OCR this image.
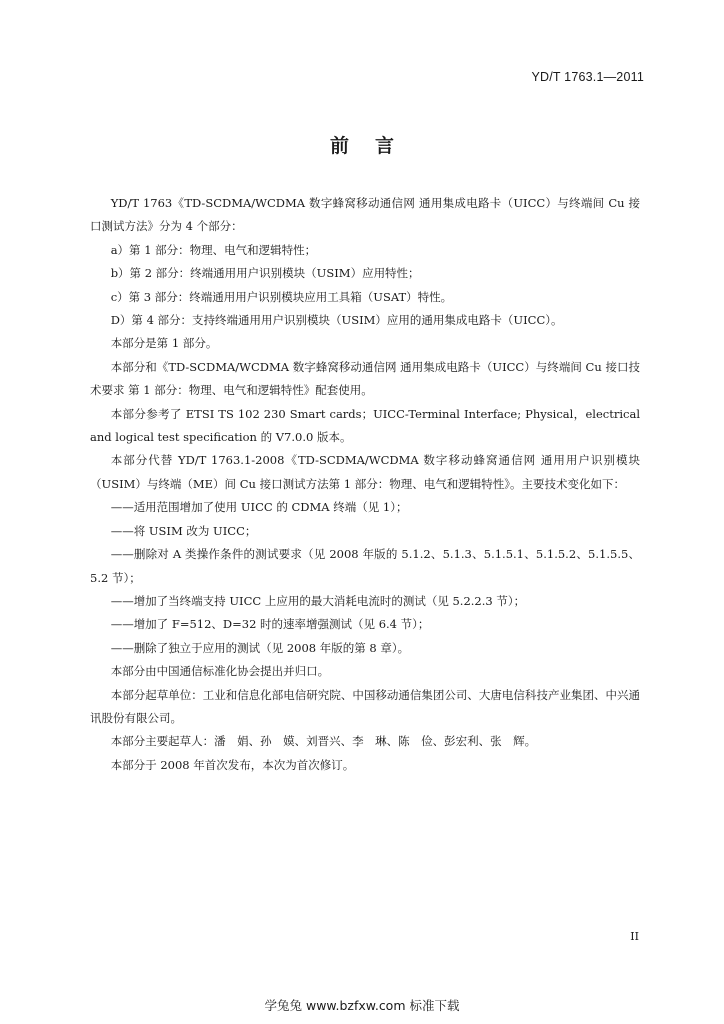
YD/T 1763.1—2011
前言

YD/T 1763《TD-SCDMA/WCDMA 数字蜂窝移动通信网 通用集成电路卡（UICC）与终端间 Cu 接口测试方法》分为 4 个部分：

a）第 1 部分：物理、电气和逻辑特性；

b）第 2 部分：终端通用用户识别模块（USIM）应用特性；

c）第 3 部分：终端通用用户识别模块应用工具箱（USAT）特性。

D）第 4 部分：支持终端通用用户识别模块（USIM）应用的通用集成电路卡（UICC）。

本部分是第 1 部分。

本部分和《TD-SCDMA/WCDMA 数字蜂窝移动通信网 通用集成电路卡（UICC）与终端间 Cu 接口技术要求 第 1 部分：物理、电气和逻辑特性》配套使用。

本部分参考了 ETSI TS 102 230 Smart cards；UICC-Terminal Interface; Physical，electrical and logical test specification 的 V7.0.0 版本。

本部分代替 YD/T 1763.1-2008《TD-SCDMA/WCDMA 数字移动蜂窝通信网 通用用户识别模块（USIM）与终端（ME）间 Cu 接口测试方法第 1 部分：物理、电气和逻辑特性》。主要技术变化如下：

——适用范围增加了使用 UICC 的 CDMA 终端（见 1）；

——将 USIM 改为 UICC；

——删除对 A 类操作条件的测试要求（见 2008 年版的 5.1.2、5.1.3、5.1.5.1、5.1.5.2、5.1.5.5、5.2 节）；

——增加了当终端支持 UICC 上应用的最大消耗电流时的测试（见 5.2.2.3 节）；

——增加了 F=512、D=32 时的速率增强测试（见 6.4 节）；

——删除了独立于应用的测试（见 2008 年版的第 8 章）。

本部分由中国通信标准化协会提出并归口。

本部分起草单位：工业和信息化部电信研究院、中国移动通信集团公司、大唐电信科技产业集团、中兴通讯股份有限公司。

本部分主要起草人：潘　娟、孙　嫫、刘晋兴、李　琳、陈　俭、彭宏利、张　辉。

本部分于 2008 年首次发布，本次为首次修订。

II
学兔兔 www.bzfxw.com 标准下载
